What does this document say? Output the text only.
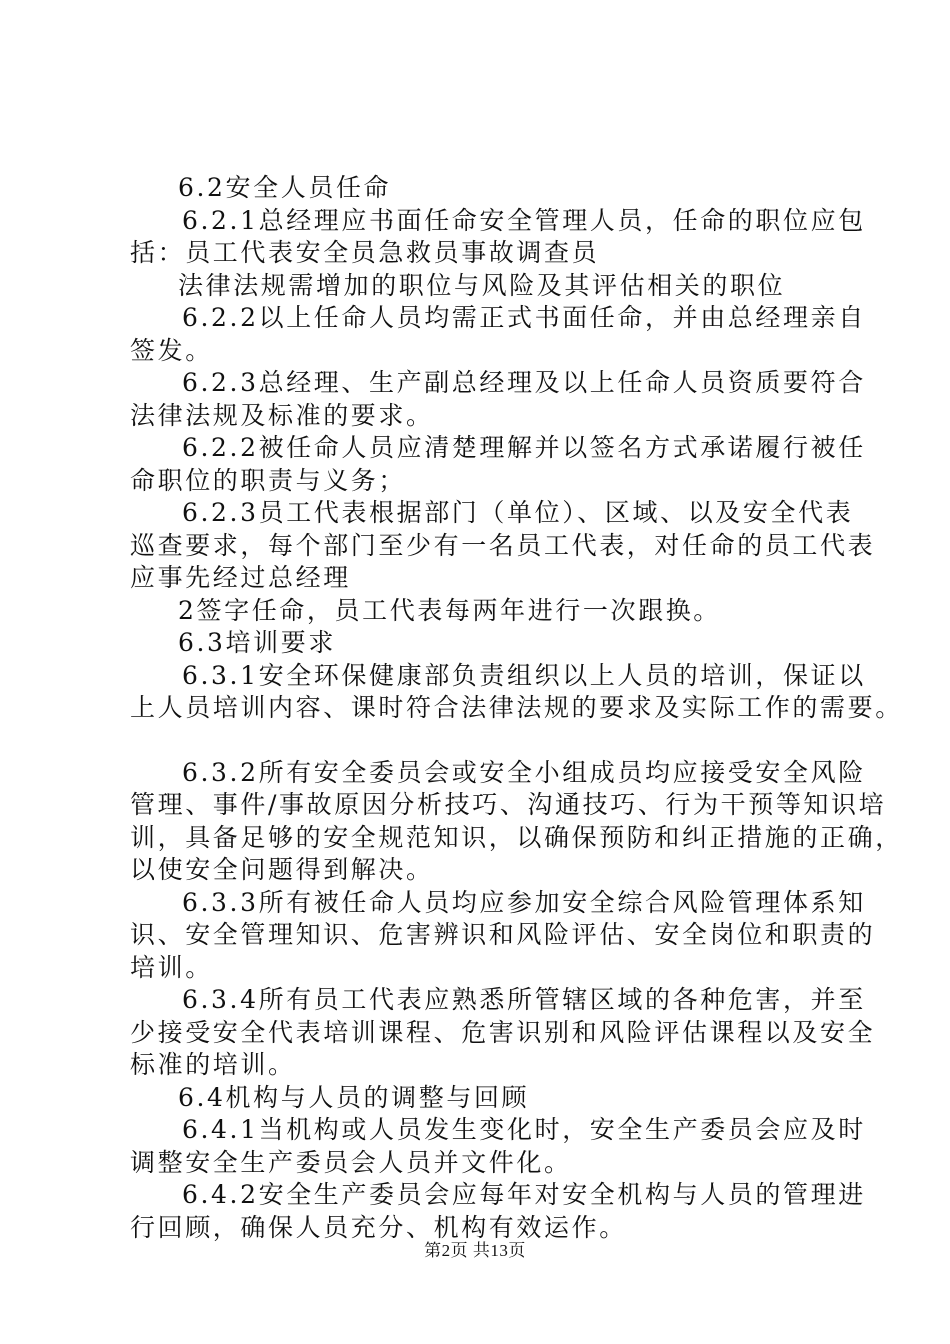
6.2安全人员任命
6.2.1总经理应书面任命安全管理人员，任命的职位应包
括：员工代表安全员急救员事故调查员
法律法规需增加的职位与风险及其评估相关的职位
6.2.2以上任命人员均需正式书面任命，并由总经理亲自
签发。
6.2.3总经理、生产副总经理及以上任命人员资质要符合
法律法规及标准的要求。
6.2.2被任命人员应清楚理解并以签名方式承诺履行被任
命职位的职责与义务；
6.2.3员工代表根据部门（单位）、区域、以及安全代表
巡查要求，每个部门至少有一名员工代表，对任命的员工代表
应事先经过总经理
2签字任命，员工代表每两年进行一次跟换。
6.3培训要求
6.3.1安全环保健康部负责组织以上人员的培训，保证以
上人员培训内容、课时符合法律法规的要求及实际工作的需要。
6.3.2所有安全委员会或安全小组成员均应接受安全风险
管理、事件/事故原因分析技巧、沟通技巧、行为干预等知识培
训，具备足够的安全规范知识，以确保预防和纠正措施的正确，
以使安全问题得到解决。
6.3.3所有被任命人员均应参加安全综合风险管理体系知
识、安全管理知识、危害辨识和风险评估、安全岗位和职责的
培训。
6.3.4所有员工代表应熟悉所管辖区域的各种危害，并至
少接受安全代表培训课程、危害识别和风险评估课程以及安全
标准的培训。
6.4机构与人员的调整与回顾
6.4.1当机构或人员发生变化时，安全生产委员会应及时
调整安全生产委员会人员并文件化。
6.4.2安全生产委员会应每年对安全机构与人员的管理进
行回顾，确保人员充分、机构有效运作。
第2页 共13页
